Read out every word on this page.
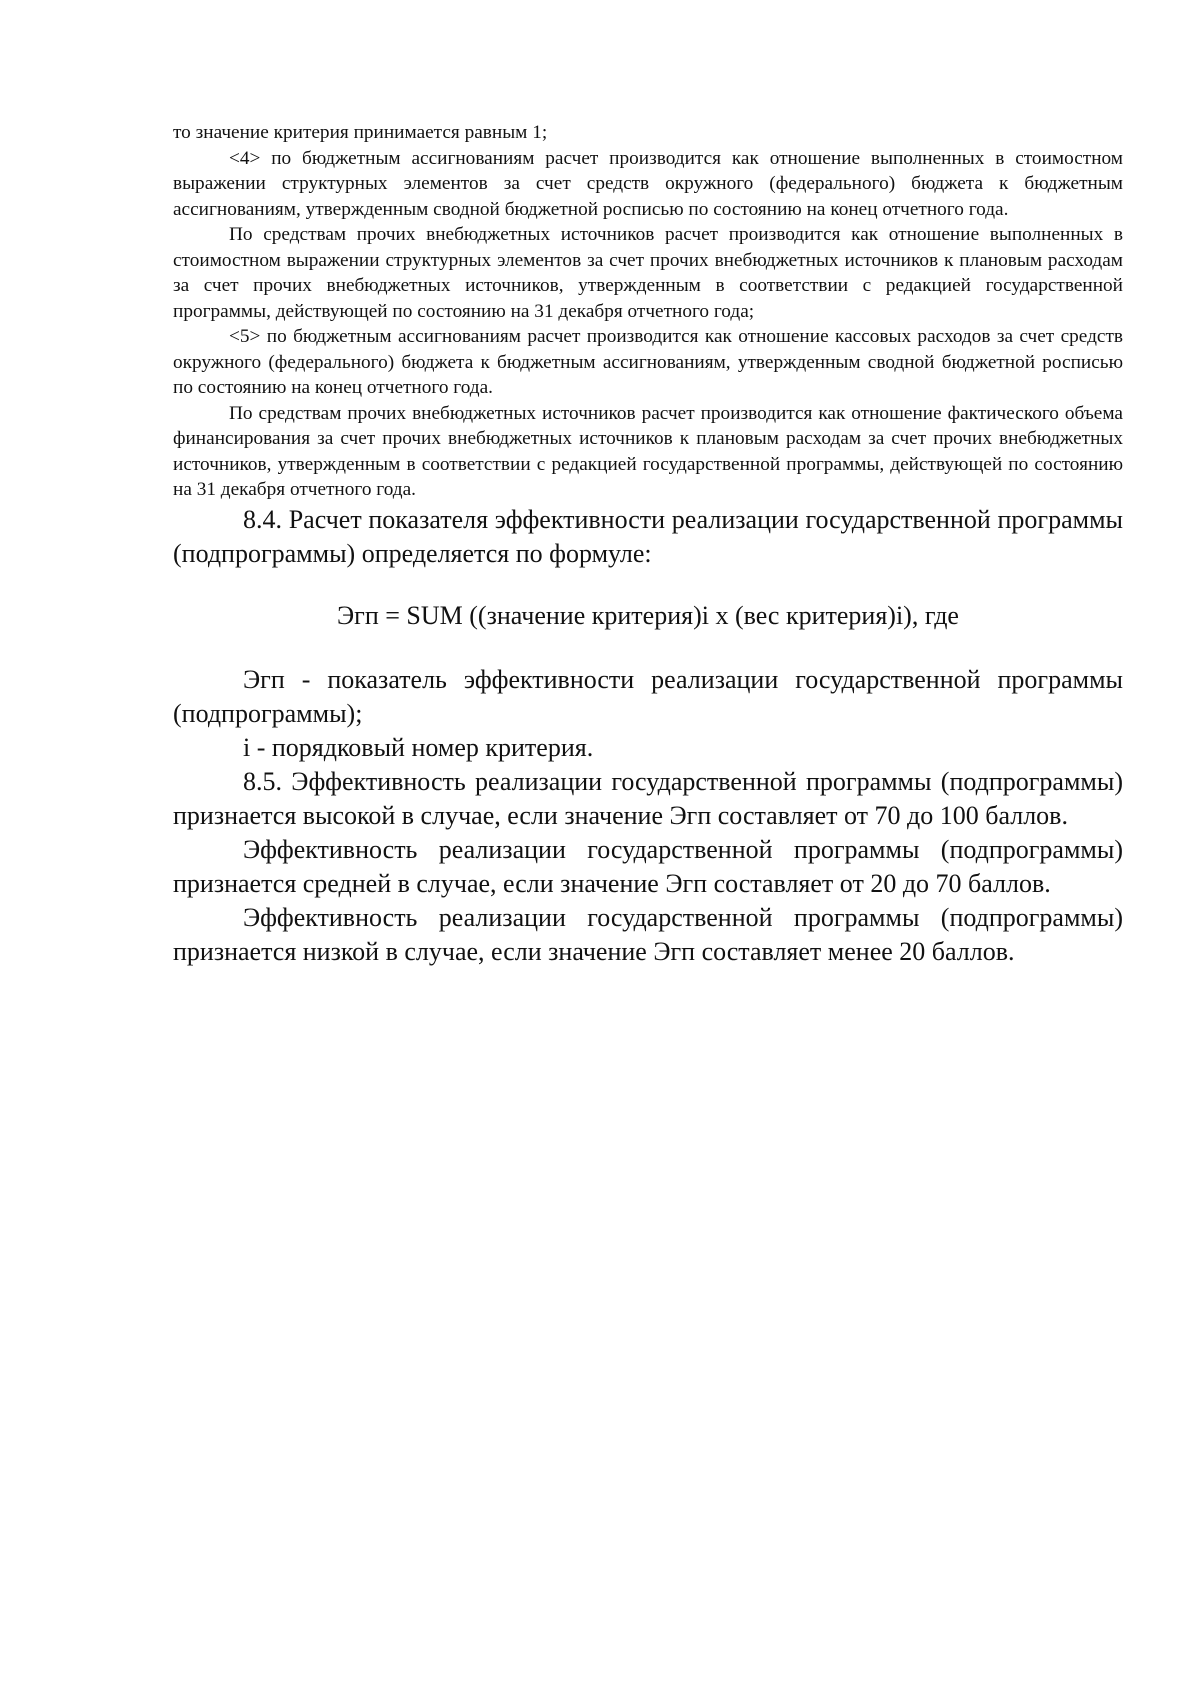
то значение критерия принимается равным 1;

<4> по бюджетным ассигнованиям расчет производится как отношение выполненных в стоимостном выражении структурных элементов за счет средств окружного (федерального) бюджета к бюджетным ассигнованиям, утвержденным сводной бюджетной росписью по состоянию на конец отчетного года.

По средствам прочих внебюджетных источников расчет производится как отношение выполненных в стоимостном выражении структурных элементов за счет прочих внебюджетных источников к плановым расходам за счет прочих внебюджетных источников, утвержденным в соответствии с редакцией государственной программы, действующей по состоянию на 31 декабря отчетного года;

<5> по бюджетным ассигнованиям расчет производится как отношение кассовых расходов за счет средств окружного (федерального) бюджета к бюджетным ассигнованиям, утвержденным сводной бюджетной росписью по состоянию на конец отчетного года.

По средствам прочих внебюджетных источников расчет производится как отношение фактического объема финансирования за счет прочих внебюджетных источников к плановым расходам за счет прочих внебюджетных источников, утвержденным в соответствии с редакцией государственной программы, действующей по состоянию на 31 декабря отчетного года.

8.4. Расчет показателя эффективности реализации государственной программы (подпрограммы) определяется по формуле:

Эгп = SUM ((значение критерия)i x (вес критерия)i), где

Эгп - показатель эффективности реализации государственной программы (подпрограммы);

i - порядковый номер критерия.

8.5. Эффективность реализации государственной программы (подпрограммы) признается высокой в случае, если значение Эгп составляет от 70 до 100 баллов.

Эффективность реализации государственной программы (подпрограммы) признается средней в случае, если значение Эгп составляет от 20 до 70 баллов.

Эффективность реализации государственной программы (подпрограммы) признается низкой в случае, если значение Эгп составляет менее 20 баллов.
